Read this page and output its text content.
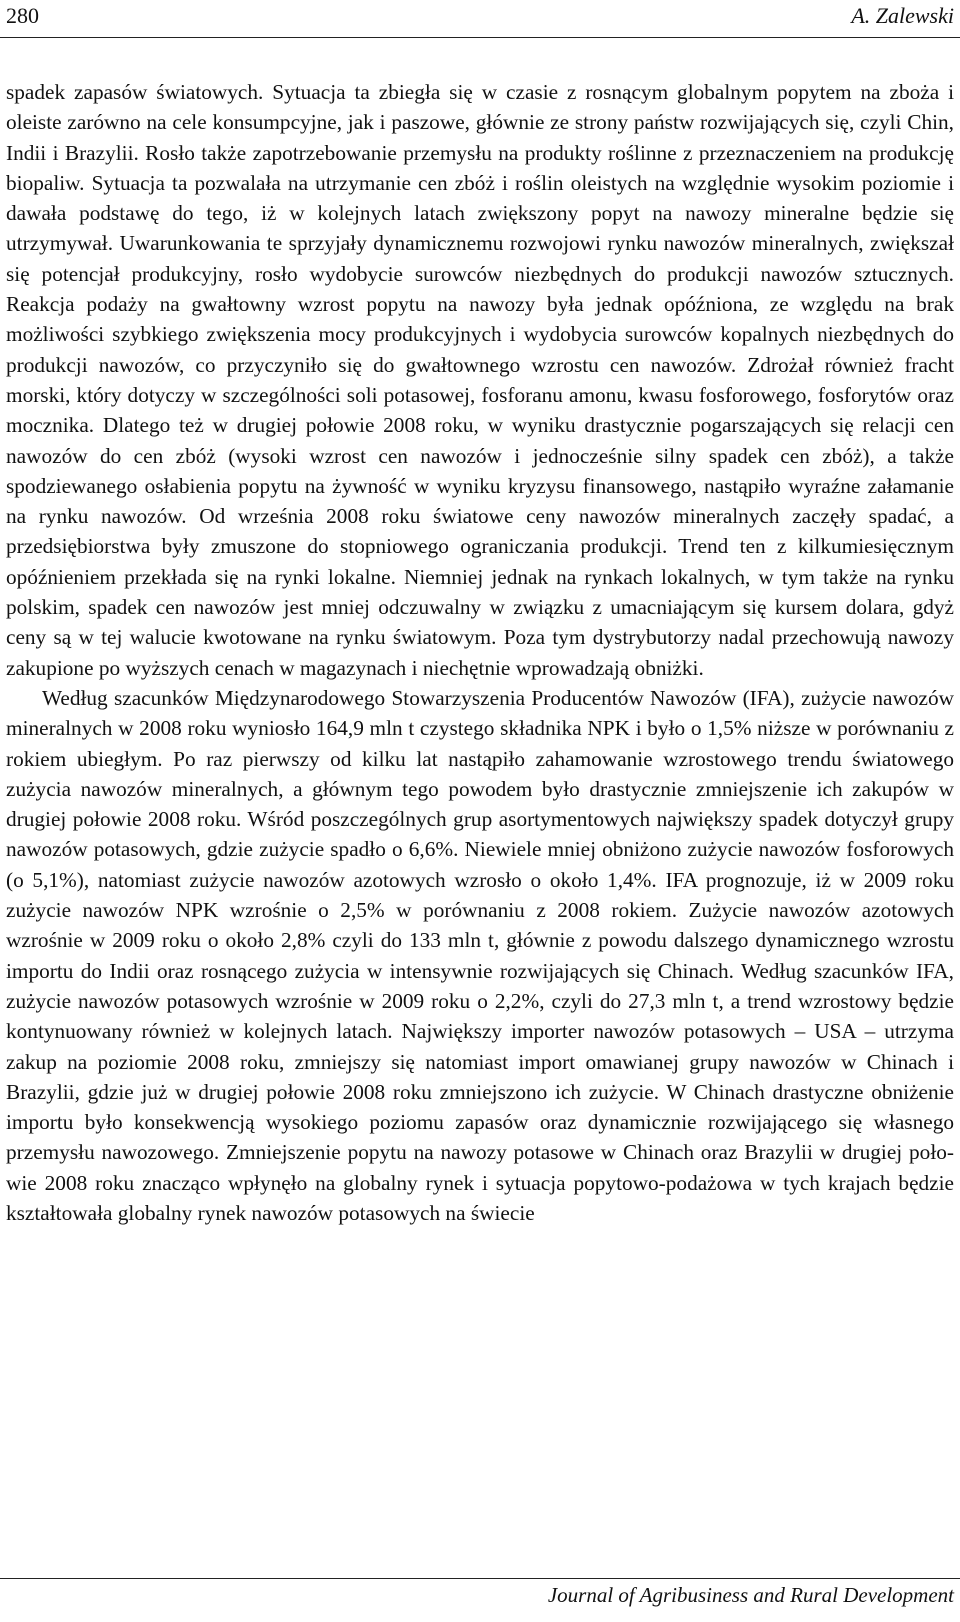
280	A. Zalewski

spadek zapasów światowych. Sytuacja ta zbiegła się w czasie z rosnącym globalnym popytem na zboża i oleiste zarówno na cele konsumpcyjne, jak i paszowe, głównie ze strony państw rozwijających się, czyli Chin, Indii i Brazylii. Rosło także zapotrzebowanie przemysłu na produkty roślinne z przeznaczeniem na produkcję biopaliw. Sytuacja ta pozwalała na utrzymanie cen zbóż i roślin oleistych na względnie wysokim poziomie i dawała podstawę do tego, iż w kolejnych latach zwiększony popyt na nawozy mineralne będzie się utrzymywał. Uwarunkowania te sprzyjały dynamicznemu rozwojowi rynku nawozów mineralnych, zwiększał się potencjał produkcyjny, rosło wydobycie surowców niezbędnych do produkcji nawozów sztucznych. Reakcja podaży na gwałtowny wzrost popytu na nawozy była jednak opóźniona, ze względu na brak możliwości szybkiego zwiększenia mocy produkcyjnych i wydobycia surowców kopalnych niezbędnych do produkcji nawozów, co przyczyniło się do gwałtownego wzrostu cen nawozów. Zdrożał również fracht morski, który dotyczy w szczególności soli potasowej, fosforanu amonu, kwasu fosforowego, fosforytów oraz mocznika. Dlatego też w drugiej połowie 2008 roku, w wyniku drastycznie pogarszających się relacji cen nawozów do cen zbóż (wysoki wzrost cen nawozów i jednocześnie silny spadek cen zbóż), a także spodziewanego osłabienia popytu na żywność w wyniku kryzysu finansowego, nastąpiło wyraźne załamanie na rynku nawozów. Od września 2008 roku światowe ceny nawozów mineralnych zaczęły spadać, a przedsiębiorstwa były zmuszone do stopniowego ograniczania produkcji. Trend ten z kilkumiesięcznym opóźnieniem przekłada się na rynki lokalne. Niemniej jednak na rynkach lokalnych, w tym także na rynku polskim, spadek cen nawozów jest mniej odczuwalny w związku z umacniającym się kursem dolara, gdyż ceny są w tej walucie kwotowane na rynku światowym. Poza tym dystrybutorzy nadal przechowują nawozy zakupione po wyższych cenach w magazynach i niechętnie wprowadzają obniżki.

Według szacunków Międzynarodowego Stowarzyszenia Producentów Nawozów (IFA), zużycie nawozów mineralnych w 2008 roku wyniosło 164,9 mln t czystego składnika NPK i było o 1,5% niższe w porównaniu z rokiem ubiegłym. Po raz pierwszy od kilku lat nastąpiło zahamowanie wzrostowego trendu światowego zużycia nawozów mineralnych, a głównym tego powodem było drastycznie zmniejszenie ich zakupów w drugiej połowie 2008 roku. Wśród poszczególnych grup asortymentowych największy spadek dotyczył grupy nawozów potasowych, gdzie zużycie spadło o 6,6%. Niewiele mniej obniżono zużycie nawozów fosforowych (o 5,1%), natomiast zużycie nawozów azotowych wzrosło o około 1,4%. IFA prognozuje, iż w 2009 roku zużycie nawozów NPK wzrośnie o 2,5% w porównaniu z 2008 rokiem. Zużycie nawozów azotowych wzrośnie w 2009 roku o około 2,8% czyli do 133 mln t, głównie z powodu dalszego dynamicznego wzrostu importu do Indii oraz rosnącego zużycia w intensywnie rozwijających się Chinach. Według szacunków IFA, zużycie nawozów potasowych wzrośnie w 2009 roku o 2,2%, czyli do 27,3 mln t, a trend wzrostowy będzie kontynuowany również w kolejnych latach. Największy importer nawozów potasowych – USA – utrzyma zakup na poziomie 2008 roku, zmniejszy się natomiast import omawianej grupy nawozów w Chinach i Brazylii, gdzie już w drugiej połowie 2008 roku zmniejszono ich zużycie. W Chinach drastyczne obniżenie importu było konsekwencją wysokiego poziomu zapasów oraz dynamicznie rozwijającego się własnego przemysłu nawozowego. Zmniejszenie popytu na nawozy potasowe w Chinach oraz Brazylii w drugiej połowie 2008 roku znacząco wpłynęło na globalny rynek i sytuacja popytowo-podażowa w tych krajach będzie kształtowała globalny rynek nawozów potasowych na świecie

Journal of Agribusiness and Rural Development
